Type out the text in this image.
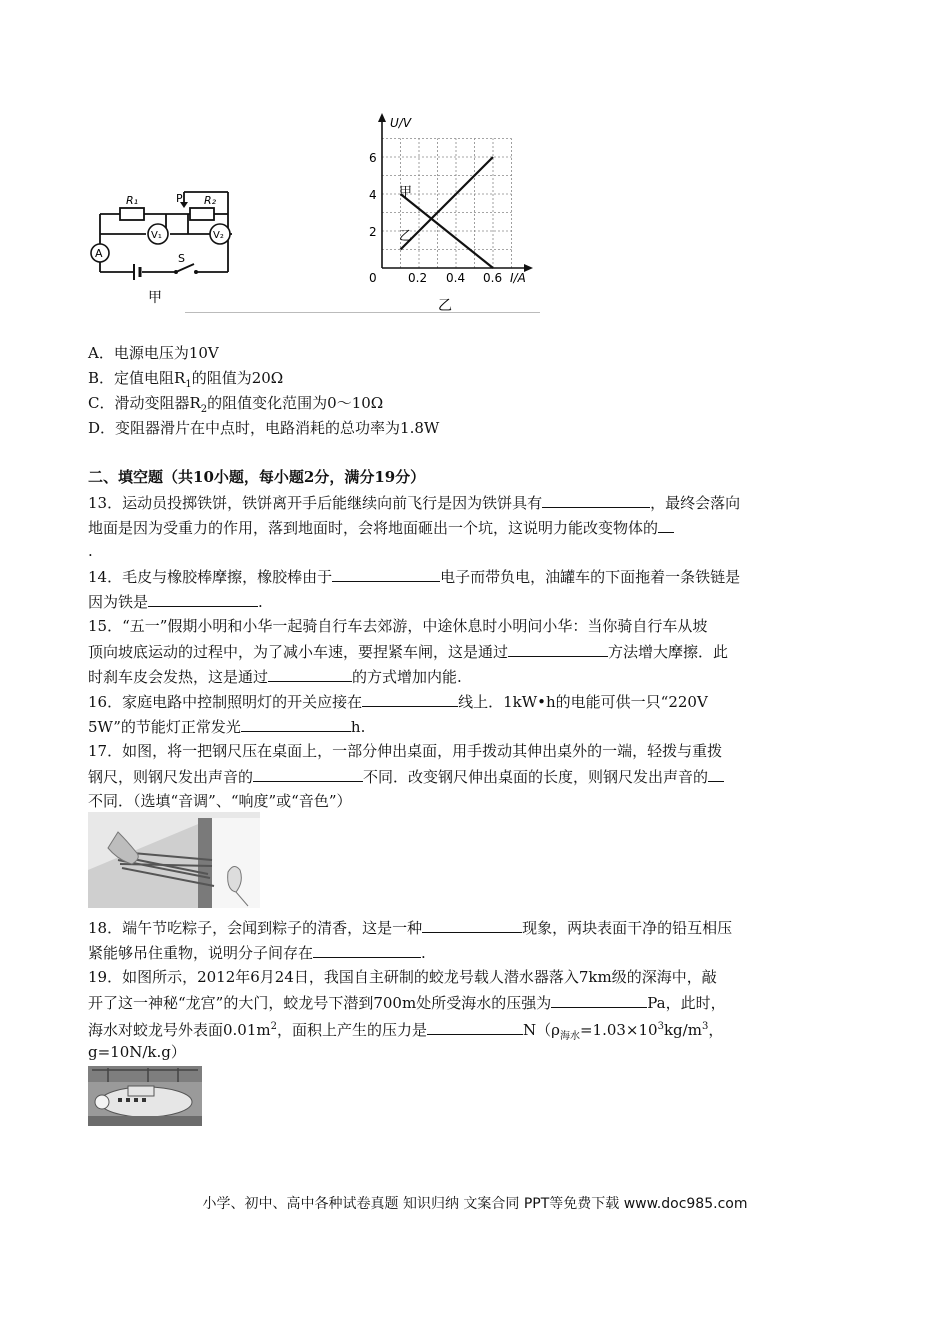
R₁	P R₂
V₁	V₂
A	S
甲
U/V
I/A
6
4
2
0	0.2 0.4 0.6
甲
乙
乙
A．电源电压为10V
B．定值电阻$R_1$的阻值为20Ω
C．滑动变阻器$R_2$的阻值变化范围为0～10Ω
D．变阻器滑片在中点时，电路消耗的总功率为1.8W
二、填空题（共10小题，每小题2分，满分19分）
13．运动员投掷铁饼，铁饼离开手后能继续向前飞行是因为铁饼具有	，最终会落向
地面是因为受重力的作用，落到地面时，会将地面砸出一个坑，这说明力能改变物体的
.
14．毛皮与橡胶棒摩擦，橡胶棒由于	电子而带负电，油罐车的下面拖着一条铁链是
因为铁是	.
15．“五一”假期小明和小华一起骑自行车去郊游，中途休息时小明问小华：当你骑自行车从坡
顶向坡底运动的过程中，为了减小车速，要捏紧车闸，这是通过	方法增大摩擦．此
时刹车皮会发热，这是通过	的方式增加内能.
16．家庭电路中控制照明灯的开关应接在	线上．1kW•h的电能可供一只“220V
5W”的节能灯正常发光	h.
17．如图，将一把钢尺压在桌面上，一部分伸出桌面，用手拨动其伸出桌外的一端，轻拨与重拨
钢尺，则钢尺发出声音的	不同．改变钢尺伸出桌面的长度，则钢尺发出声音的
不同．（选填“音调”、“响度”或“音色”）
18．端午节吃粽子，会闻到粽子的清香，这是一种	现象，两块表面干净的铅互相压
紧能够吊住重物，说明分子间存在	.
19．如图所示，2012年6月24日，我国自主研制的蛟龙号载人潜水器落入7km级的深海中，敲
开了这一神秘“龙宫”的大门，蛟龙号下潜到700m处所受海水的压强为	Pa，此时，
海水对蛟龙号外表面$0.01m^2$，面积上产生的压力是	$N(\rho_{海水}=1.03\times 10^3kg/m^3$，
g=10N/k.g）
小学、初中、高中各种试卷真题 知识归纳 文案合同 PPT等免费下载 www.doc985.com
